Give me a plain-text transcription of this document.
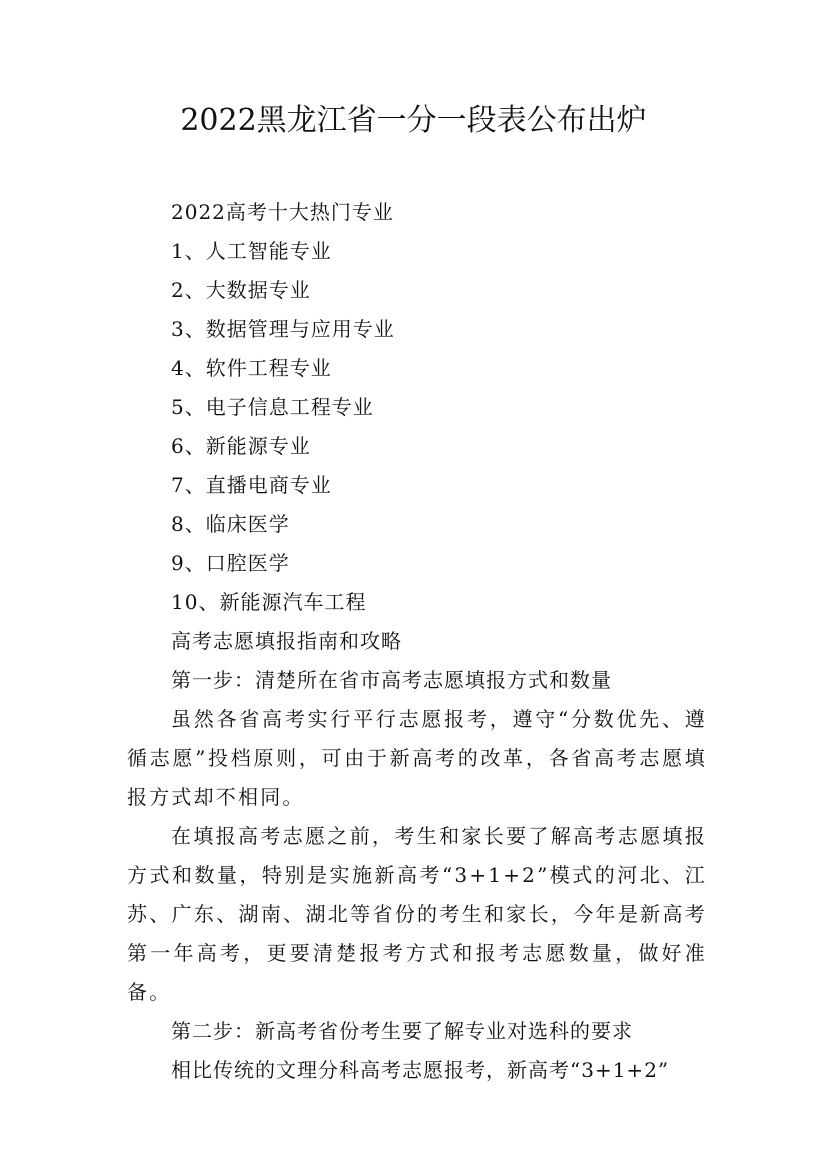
2022黑龙江省一分一段表公布出炉
2022高考十大热门专业
1、人工智能专业
2、大数据专业
3、数据管理与应用专业
4、软件工程专业
5、电子信息工程专业
6、新能源专业
7、直播电商专业
8、临床医学
9、口腔医学
10、新能源汽车工程
高考志愿填报指南和攻略
第一步：清楚所在省市高考志愿填报方式和数量

虽然各省高考实行平行志愿报考，遵守“分数优先、遵循志愿”投档原则，可由于新高考的改革，各省高考志愿填报方式却不相同。

在填报高考志愿之前，考生和家长要了解高考志愿填报方式和数量，特别是实施新高考“3+1+2”模式的河北、江苏、广东、湖南、湖北等省份的考生和家长，今年是新高考第一年高考，更要清楚报考方式和报考志愿数量，做好准备。

第二步：新高考省份考生要了解专业对选科的要求
相比传统的文理分科高考志愿报考，新高考“3+1+2”
